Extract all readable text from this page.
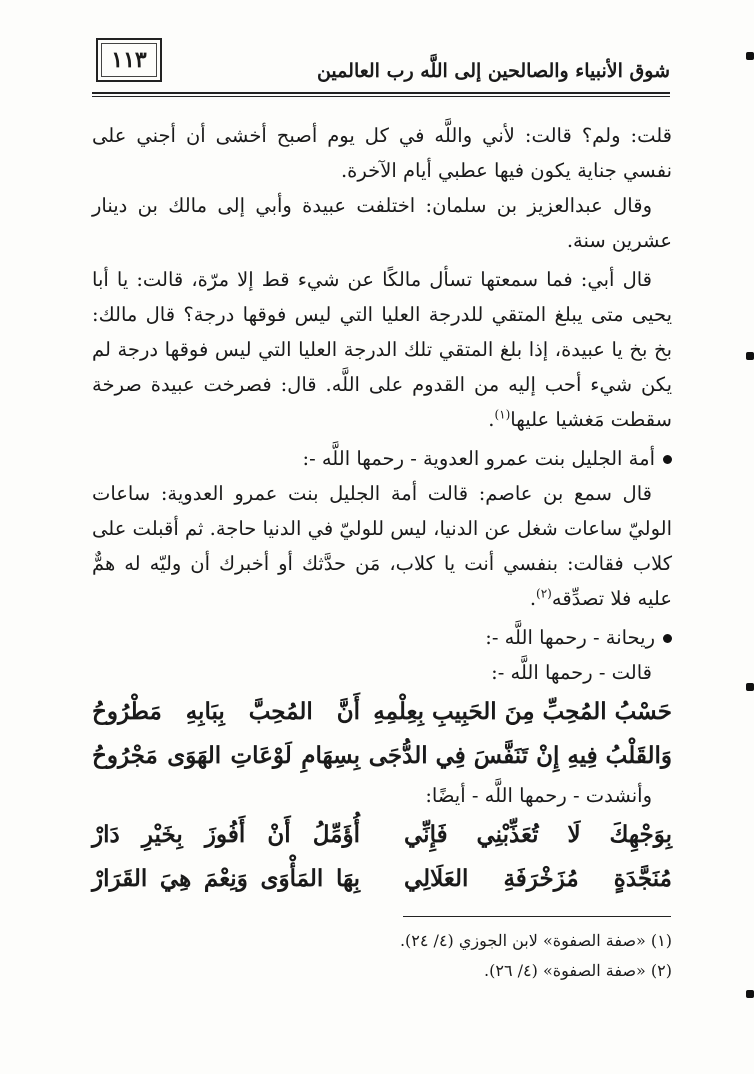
شوق الأنبياء والصالحين إلى اللَّه رب العالمين
١١٣

قلت: ولم؟ قالت: لأني واللَّه في كل يوم أصبح أخشى أن أجني على نفسي جناية يكون فيها عطبي أيام الآخرة.

وقال عبدالعزيز بن سلمان: اختلفت عبيدة وأبي إلى مالك بن دينار عشرين سنة.

قال أبي: فما سمعتها تسأل مالكًا عن شيء قط إلا مرّة، قالت: يا أبا يحيى متى يبلغ المتقي للدرجة العليا التي ليس فوقها درجة؟ قال مالك: بخ بخ يا عبيدة، إذا بلغ المتقي تلك الدرجة العليا التي ليس فوقها درجة لم يكن شيء أحب إليه من القدوم على اللَّه. قال: فصرخت عبيدة صرخة سقطت مَغشيا عليها$^{(١)}$.

أمة الجليل بنت عمرو العدوية - رحمها اللَّه -:

قال سمع بن عاصم: قالت أمة الجليل بنت عمرو العدوية: ساعات الوليّ ساعات شغل عن الدنيا، ليس للوليّ في الدنيا حاجة. ثم أقبلت على كلاب فقالت: بنفسي أنت يا كلاب، مَن حدَّثك أو أخبرك أن وليّه له همٌّ عليه فلا تصدِّقه$^{(٢)}$.

ريحانة - رحمها اللَّه -:

قالت - رحمها اللَّه -:

حَسْبُ المُحِبِّ مِنَ الحَبِيبِ بِعِلْمِهِ
أَنَّ المُحِبَّ بِبَابِهِ مَطْرُوحُ
وَالقَلْبُ فِيهِ إِنْ تَنَفَّسَ فِي الدُّجَى
بِسِهَامِ لَوْعَاتِ الهَوَى مَجْرُوحُ

وأنشدت - رحمها اللَّه - أيضًا:

بِوَجْهِكَ لَا تُعَذِّبْنِي فَإِنِّي
أُؤَمِّلُ أَنْ أَفُوزَ بِخَيْرِ دَارْ
مُنَجَّدَةٍ مُزَخْرَفَةِ العَلَالِي
بِهَا المَأْوَى وَنِعْمَ هِيَ القَرَارْ

(١) «صفة الصفوة» لابن الجوزي (٤/ ٢٤).

(٢) «صفة الصفوة» (٤/ ٢٦).
